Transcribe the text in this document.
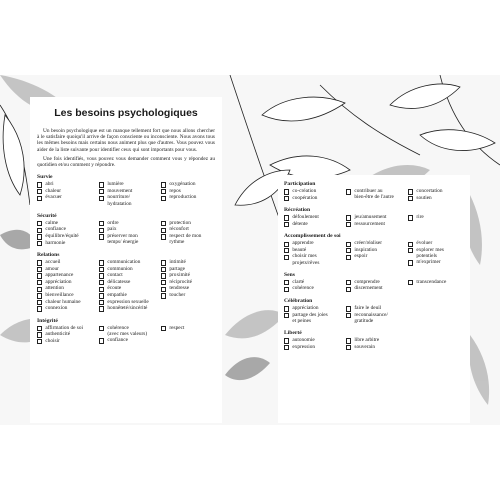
Les besoins psychologiques

Un besoin psychologique est un manque tellement fort que nous allons chercher à le satisfaire quoiqu'il arrive de façon consciente ou inconsciente. Nous avons tous les mêmes besoins mais certains nous animent plus que d'autres. Vous pouvez vous aider de la liste suivante pour identifier ceux qui sont importants pour vous.

Une fois identifiés, vous pouvez vous demander comment vous y répondez au quotidien et/ou comment y répondre.

Survie
abri
chaleur
évacuer
lumière
mouvement
nourriture/
hydratation
oxygénation
repos
reproduction
Sécurité
calme
confiance
équilibre/équité
harmonie
ordre
paix
préserver mon
temps/ énergie
protection
réconfort
respect de mon
rythme
Relations
accueil
amour
appartenance
appréciation
attention
bienveillance
chaleur humaine
connexion
communication
communion
contact
délicatesse
écoute
empathie
expression sexuelle
honnêteté/sincérité
intimité
partage
proximité
réciprocité
tendresse
toucher
Intégrité
affirmation de soi
authenticité
choisir
cohérence
(avec mes valeurs)
confiance
respect
Participation
co-création
coopération
contribuer au
bien-être de l'autre
concertation
soutien
Récréation
défoulement
détente
jeu/amusement
ressourcement
rire
Accomplissement de soi
apprendre
beauté
choisir mes
projets/rêves
créer/réaliser
inspiration
espoir
évoluer
explorer mes
potentiels
m'exprimer
Sens
clarté
cohérence
comprendre
discernement
transcendance
Célébration
appréciation
partage des joies
et peines
faire le deuil
reconnaissance/
gratitude
Liberté
autonomie
expression
libre arbitre
souverain
